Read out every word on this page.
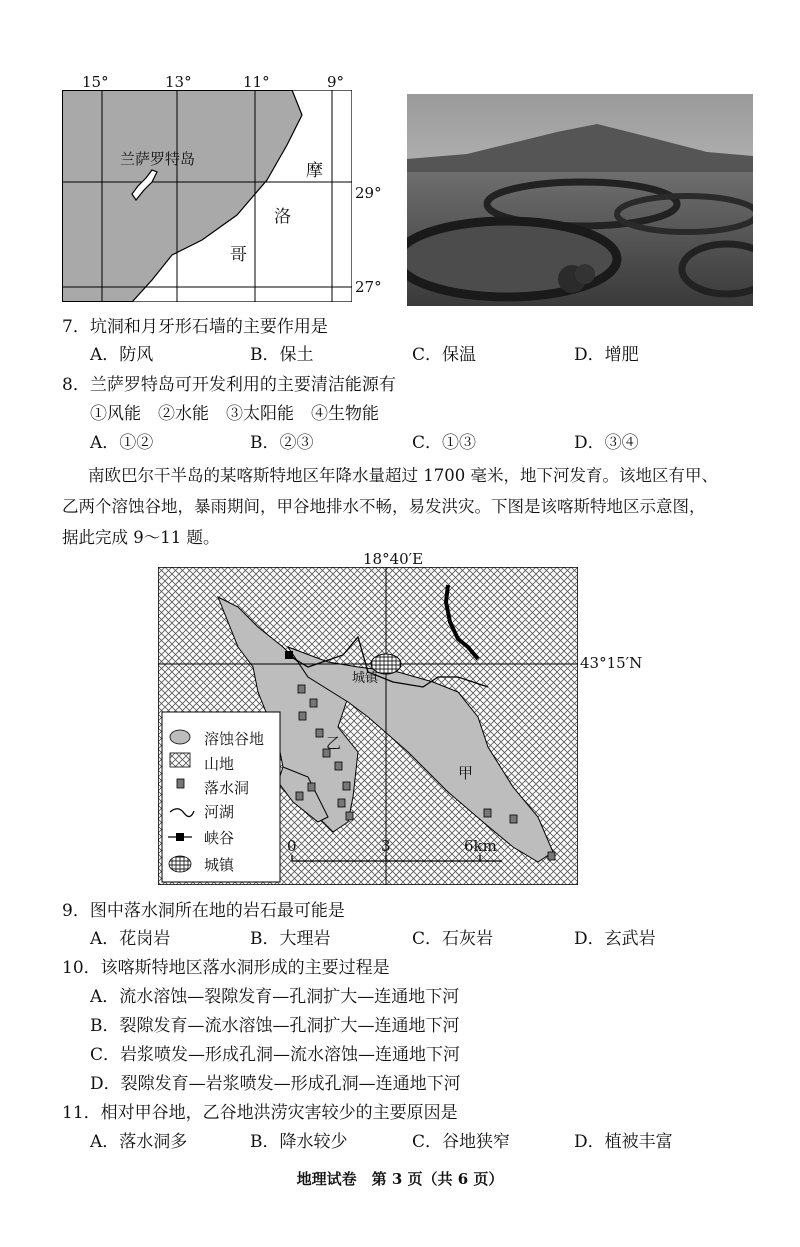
15°	13°	11°	9°
29°
27°
兰萨罗特岛
摩
洛
哥
7．坑洞和月牙形石墙的主要作用是
A．防风	B．保土	C．保温	D．增肥
8．兰萨罗特岛可开发利用的主要清洁能源有
①风能　②水能　③太阳能　④生物能
A．①②	B．②③	C．①③	D．③④
南欧巴尔干半岛的某喀斯特地区年降水量超过 1700 毫米，地下河发育。该地区有甲、
乙两个溶蚀谷地，暴雨期间，甲谷地排水不畅，易发洪灾。下图是该喀斯特地区示意图，
据此完成 9～11 题。
18°40′E
43°15′N
城镇
甲
乙
溶蚀谷地
山地
落水洞
河湖
峡谷
城镇
0	3	6km
9．图中落水洞所在地的岩石最可能是
A．花岗岩	B．大理岩	C．石灰岩	D．玄武岩
10．该喀斯特地区落水洞形成的主要过程是
A．流水溶蚀—裂隙发育—孔洞扩大—连通地下河
B．裂隙发育—流水溶蚀—孔洞扩大—连通地下河
C．岩浆喷发—形成孔洞—流水溶蚀—连通地下河
D．裂隙发育—岩浆喷发—形成孔洞—连通地下河
11．相对甲谷地，乙谷地洪涝灾害较少的主要原因是
A．落水洞多	B．降水较少	C．谷地狭窄	D．植被丰富
地理试卷　第 3 页（共 6 页）
